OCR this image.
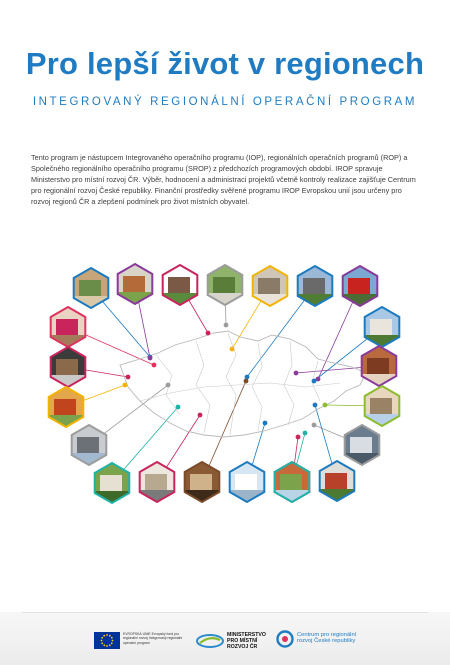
Pro lepší život v regionech
INTEGROVANÝ REGIONÁLNÍ OPERAČNÍ PROGRAM
Tento program je nástupcem Integrovaného operačního programu (IOP), regionálních operačních programů (ROP) a Společného regionálního operačního programu (SROP) z předchozích programových období. IROP spravuje Ministerstvo pro místní rozvoj ČR. Výběr, hodnocení a administraci projektů včetně kontroly realizace zajišťuje Centrum pro regionální rozvoj České republiky. Finanční prostředky svěřené programu IROP Evropskou unií jsou určeny pro rozvoj regionů ČR a zlepšení podmínek pro život místních obyvatel.
EVROPSKÁ UNIE Evropský fond pro regionální rozvoj Integrovaný regionální operační program
MINISTERSTVO PRO MÍSTNÍ ROZVOJ ČR
Centrum pro regionální rozvoj České republiky
